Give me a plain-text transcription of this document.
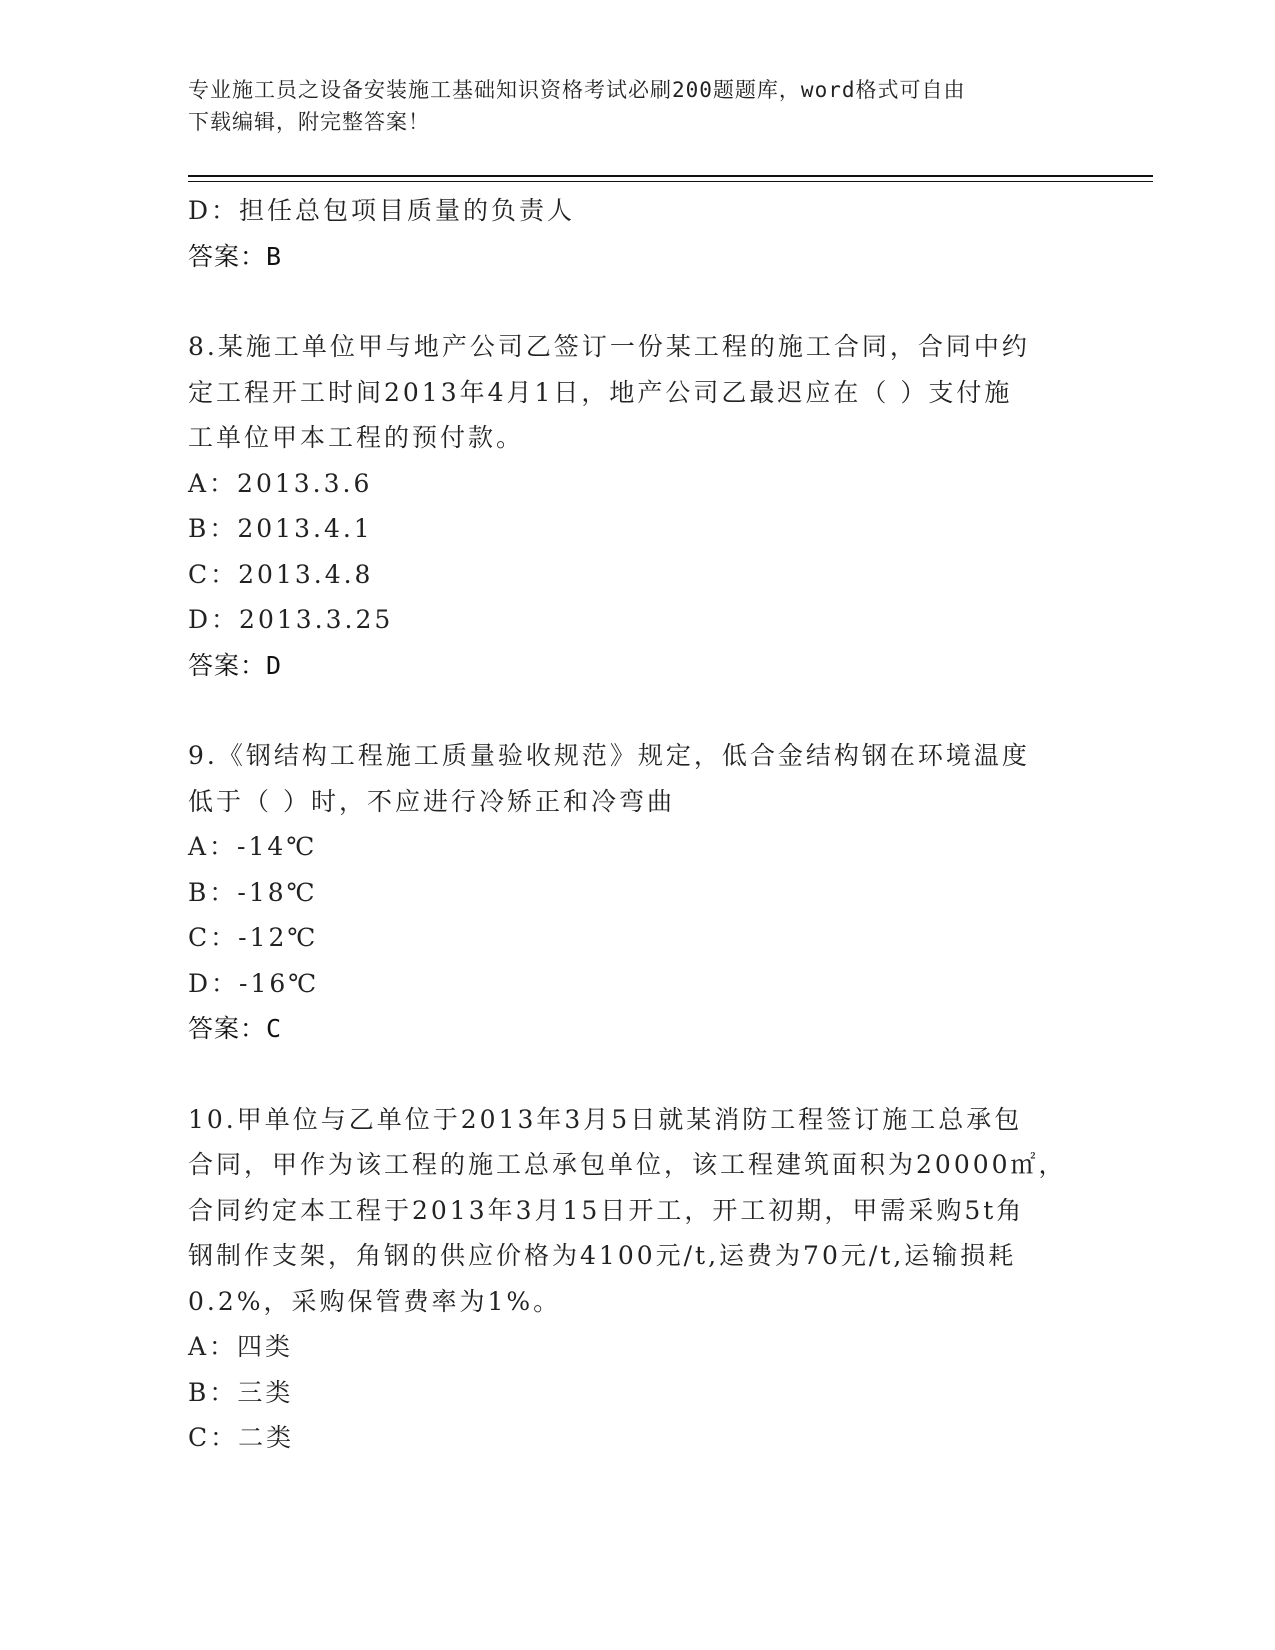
专业施工员之设备安装施工基础知识资格考试必刷200题题库，word格式可自由
下载编辑，附完整答案！
D：担任总包项目质量的负责人
答案：B
8.某施工单位甲与地产公司乙签订一份某工程的施工合同，合同中约
定工程开工时间2013年4月1日，地产公司乙最迟应在（ ）支付施
工单位甲本工程的预付款。
A：2013.3.6
B：2013.4.1
C：2013.4.8
D：2013.3.25
答案：D
9.《钢结构工程施工质量验收规范》规定，低合金结构钢在环境温度
低于（ ）时，不应进行冷矫正和冷弯曲
A：-14℃
B：-18℃
C：-12℃
D：-16℃
答案：C
10.甲单位与乙单位于2013年3月5日就某消防工程签订施工总承包
合同，甲作为该工程的施工总承包单位，该工程建筑面积为20000㎡，
合同约定本工程于2013年3月15日开工，开工初期，甲需采购5t角
钢制作支架，角钢的供应价格为4100元/t,运费为70元/t,运输损耗
0.2%，采购保管费率为1%。
A：四类
B：三类
C：二类
